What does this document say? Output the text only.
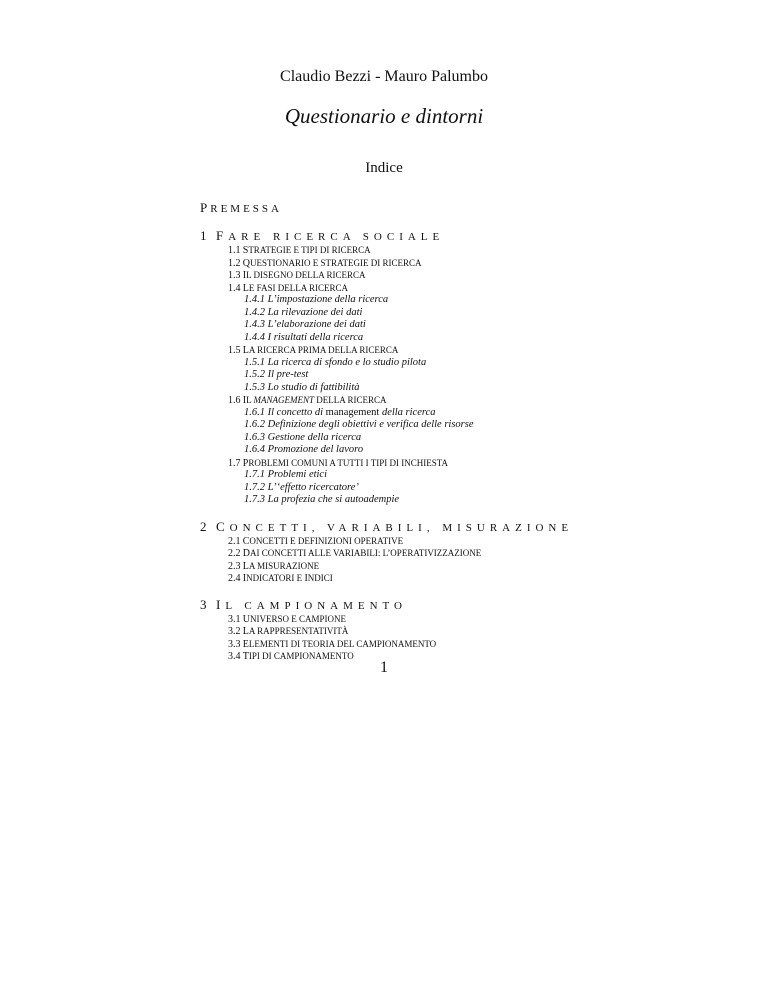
Claudio Bezzi - Mauro Palumbo
Questionario e dintorni
Indice
PREMESSA
1 FARE RICERCA SOCIALE
1.1 STRATEGIE E TIPI DI RICERCA
1.2 QUESTIONARIO E STRATEGIE DI RICERCA
1.3 IL DISEGNO DELLA RICERCA
1.4 LE FASI DELLA RICERCA
1.4.1 L’impostazione della ricerca
1.4.2 La rilevazione dei dati
1.4.3 L’elaborazione dei dati
1.4.4 I risultati della ricerca
1.5 LA RICERCA PRIMA DELLA RICERCA
1.5.1 La ricerca di sfondo e lo studio pilota
1.5.2 Il pre-test
1.5.3 Lo studio di fattibilità
1.6 IL MANAGEMENT DELLA RICERCA
1.6.1 Il concetto di management della ricerca
1.6.2 Definizione degli obiettivi e verifica delle risorse
1.6.3 Gestione della ricerca
1.6.4 Promozione del lavoro
1.7 PROBLEMI COMUNI A TUTTI I TIPI DI INCHIESTA
1.7.1 Problemi etici
1.7.2 L’‘effetto ricercatore’
1.7.3 La profezia che si autoadempie
2 CONCETTI, VARIABILI, MISURAZIONE
2.1 CONCETTI E DEFINIZIONI OPERATIVE
2.2 DAI CONCETTI ALLE VARIABILI: L’OPERATIVIZZAZIONE
2.3 LA MISURAZIONE
2.4 INDICATORI E INDICI
3 IL CAMPIONAMENTO
3.1 UNIVERSO E CAMPIONE
3.2 LA RAPPRESENTATIVITÀ
3.3 ELEMENTI DI TEORIA DEL CAMPIONAMENTO
3.4 TIPI DI CAMPIONAMENTO
1
